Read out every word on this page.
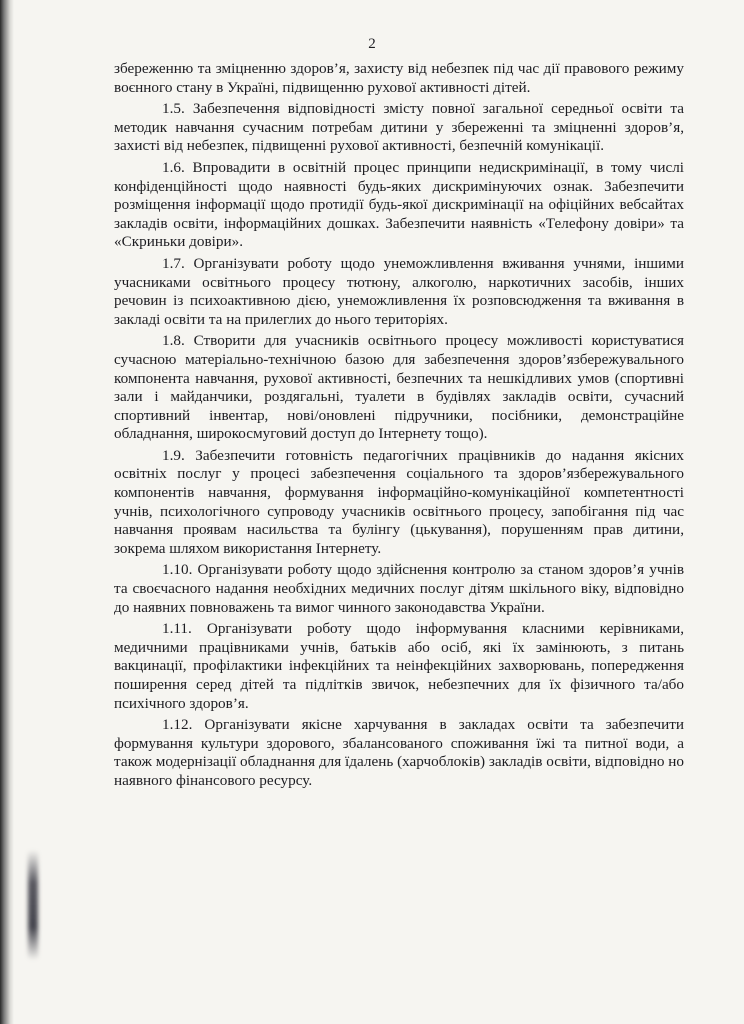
2

збереженню та зміцненню здоров’я, захисту від небезпек під час дії правового режиму воєнного стану в Україні, підвищенню рухової активності дітей.

1.5. Забезпечення відповідності змісту повної загальної середньої освіти та методик навчання сучасним потребам дитини у збереженні та зміцненні здоров’я, захисті від небезпек, підвищенні рухової активності, безпечній комунікації.

1.6. Впровадити в освітній процес принципи недискримінації, в тому числі конфіденційності щодо наявності будь-яких дискримінуючих ознак. Забезпечити розміщення інформації щодо протидії будь-якої дискримінації на офіційних вебсайтах закладів освіти, інформаційних дошках. Забезпечити наявність «Телефону довіри» та «Скриньки довіри».

1.7. Організувати роботу щодо унеможливлення вживання учнями, іншими учасниками освітнього процесу тютюну, алкоголю, наркотичних засобів, інших речовин із психоактивною дією, унеможливлення їх розповсюдження та вживання в закладі освіти та на прилеглих до нього територіях.

1.8. Створити для учасників освітнього процесу можливості користуватися сучасною матеріально-технічною базою для забезпечення здоров’язбережувального компонента навчання, рухової активності, безпечних та нешкідливих умов (спортивні зали і майданчики, роздягальні, туалети в будівлях закладів освіти, сучасний спортивний інвентар, нові/оновлені підручники, посібники, демонстраційне обладнання, широкосмуговий доступ до Інтернету тощо).

1.9. Забезпечити готовність педагогічних працівників до надання якісних освітніх послуг у процесі забезпечення соціального та здоров’язбережувального компонентів навчання, формування інформаційно-комунікаційної компетентності учнів, психологічного супроводу учасників освітнього процесу, запобігання під час навчання проявам насильства та булінгу (цькування), порушенням прав дитини, зокрема шляхом використання Інтернету.

1.10. Організувати роботу щодо здійснення контролю за станом здоров’я учнів та своєчасного надання необхідних медичних послуг дітям шкільного віку, відповідно до наявних повноважень та вимог чинного законодавства України.

1.11. Організувати роботу щодо інформування класними керівниками, медичними працівниками учнів, батьків або осіб, які їх замінюють, з питань вакцинації, профілактики інфекційних та неінфекційних захворювань, попередження поширення серед дітей та підлітків звичок, небезпечних для їх фізичного та/або психічного здоров’я.

1.12. Організувати якісне харчування в закладах освіти та забезпечити формування культури здорового, збалансованого споживання їжі та питної води, а також модернізації обладнання для їдалень (харчоблоків) закладів освіти, відповідно но наявного фінансового ресурсу.
